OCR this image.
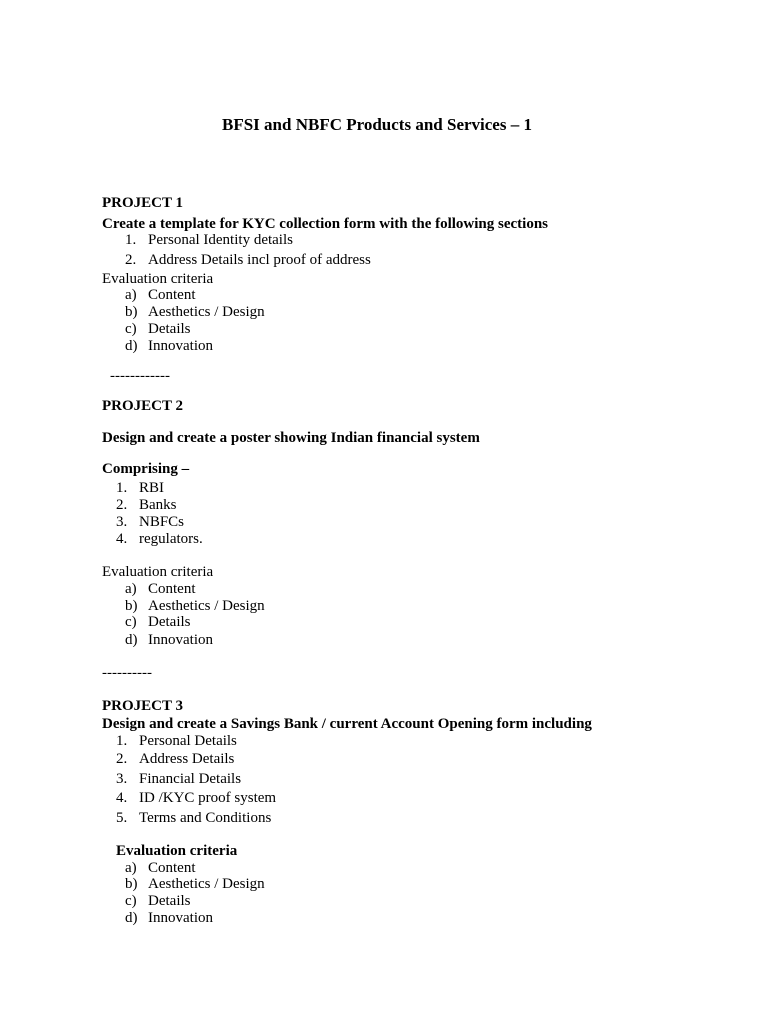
BFSI and NBFC Products and Services – 1
PROJECT 1
Create a template for KYC collection form with the following sections
1. Personal Identity details
2. Address Details incl proof of address
Evaluation criteria
a) Content
b) Aesthetics / Design
c) Details
d) Innovation
------------
PROJECT 2
Design and create a poster showing Indian financial system
Comprising –
1. RBI
2. Banks
3. NBFCs
4. regulators.
Evaluation criteria
a) Content
b) Aesthetics / Design
c) Details
d) Innovation
----------
PROJECT 3
Design and create a Savings Bank / current Account Opening form including
1. Personal Details
2. Address Details
3. Financial Details
4. ID /KYC proof system
5. Terms and Conditions
Evaluation criteria
a) Content
b) Aesthetics / Design
c) Details
d) Innovation
